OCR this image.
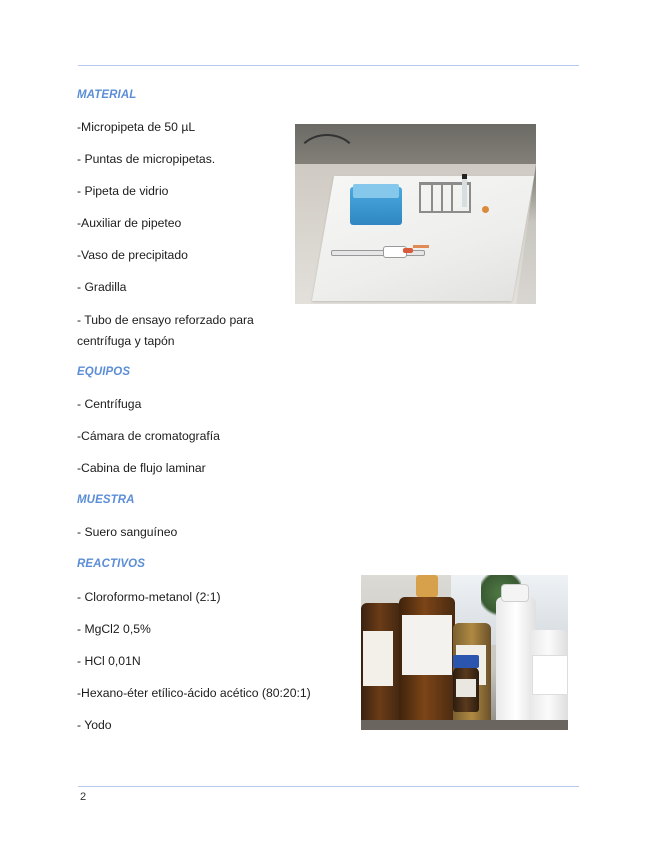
MATERIAL
-Micropipeta de 50 µL
- Puntas de micropipetas.
- Pipeta de vidrio
-Auxiliar de pipeteo
-Vaso de precipitado
- Gradilla
- Tubo de ensayo reforzado para
centrífuga y tapón
EQUIPOS
- Centrífuga
-Cámara de cromatografía
-Cabina de flujo laminar
MUESTRA
- Suero sanguíneo
REACTIVOS
- Cloroformo-metanol (2:1)
- MgCl2 0,5%
- HCl 0,01N
-Hexano-éter etílico-ácido acético (80:20:1)
- Yodo
2
